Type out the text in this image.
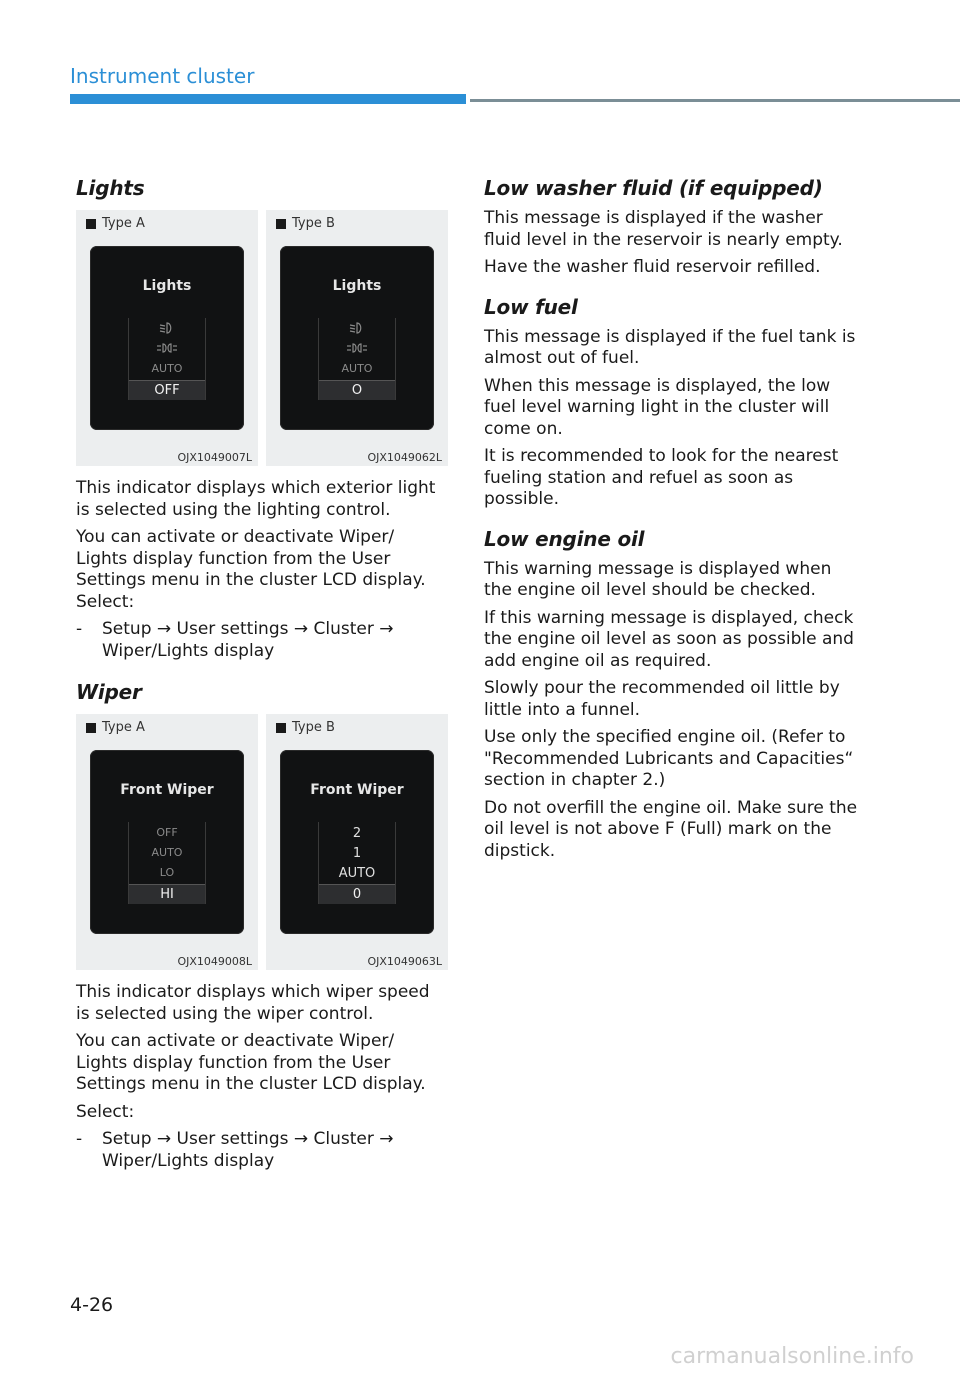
Instrument cluster
Lights
Type A
Lights
AUTO
OFF
OJX1049007L
Type B
Lights
AUTO
O
OJX1049062L

This indicator displays which exterior light is selected using the lighting control.

You can activate or deactivate Wiper/ Lights display function from the User Settings menu in the cluster LCD display. Select:

- Setup → User settings → Cluster → Wiper/Lights display
Wiper
Type A
Front Wiper
OFF
AUTO
LO
HI
OJX1049008L
Type B
Front Wiper
2
1
AUTO
0
OJX1049063L

This indicator displays which wiper speed is selected using the wiper control.

You can activate or deactivate Wiper/ Lights display function from the User Settings menu in the cluster LCD display.

Select:

- Setup → User settings → Cluster → Wiper/Lights display
Low washer fluid (if equipped)

This message is displayed if the washer fluid level in the reservoir is nearly empty.

Have the washer fluid reservoir refilled.

Low fuel

This message is displayed if the fuel tank is almost out of fuel.

When this message is displayed, the low fuel level warning light in the cluster will come on.

It is recommended to look for the nearest fueling station and refuel as soon as possible.

Low engine oil

This warning message is displayed when the engine oil level should be checked.

If this warning message is displayed, check the engine oil level as soon as possible and add engine oil as required.

Slowly pour the recommended oil little by little into a funnel.

Use only the specified engine oil. (Refer to "Recommended Lubricants and Capacities“ section in chapter 2.)

Do not overfill the engine oil. Make sure the oil level is not above F (Full) mark on the dipstick.

4-26
carmanualsonline.info
